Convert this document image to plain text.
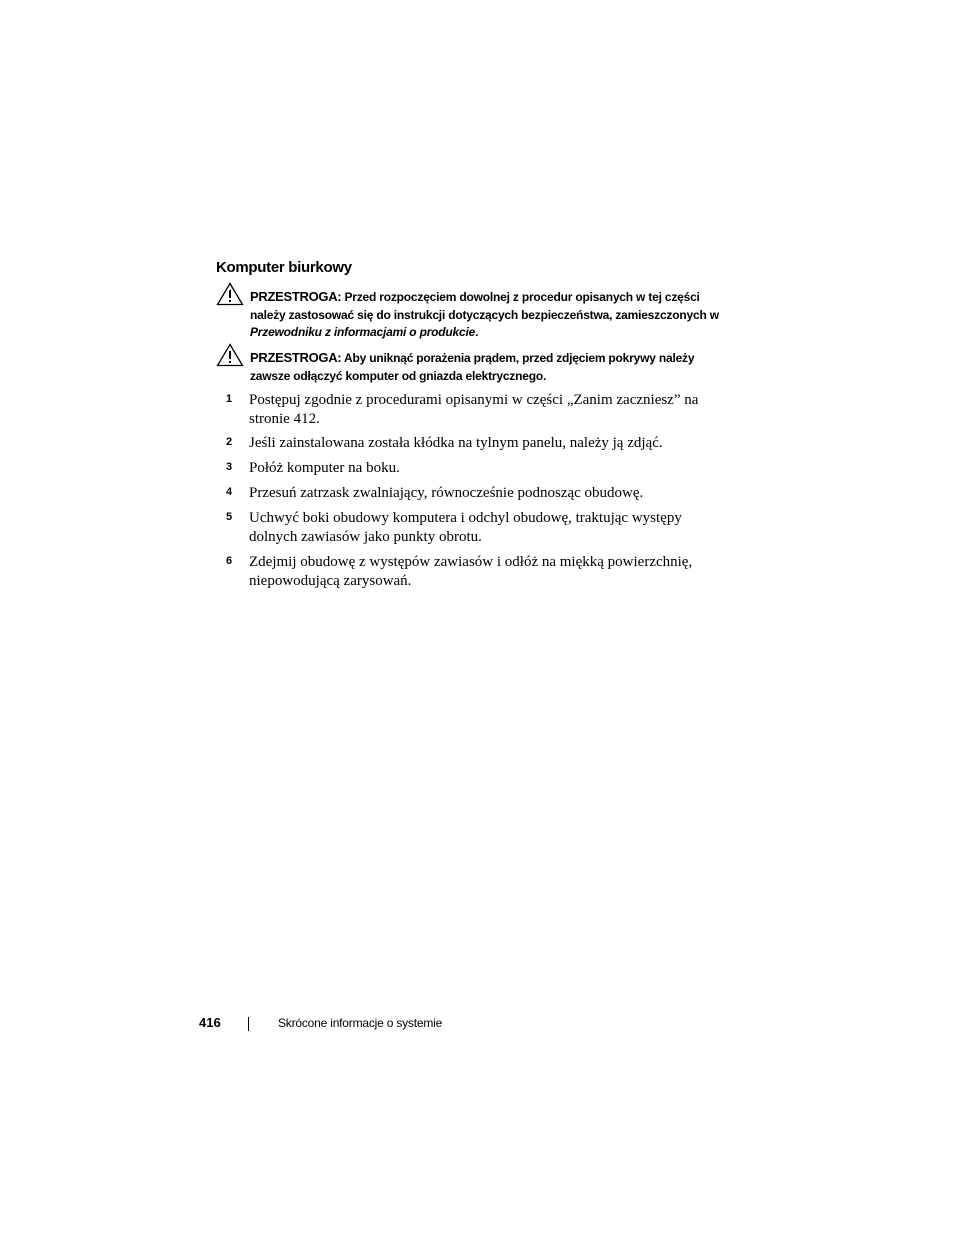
Komputer biurkowy

PRZESTROGA: Przed rozpoczęciem dowolnej z procedur opisanych w tej części należy zastosować się do instrukcji dotyczących bezpieczeństwa, zamieszczonych w Przewodniku z informacjami o produkcie.

PRZESTROGA: Aby uniknąć porażenia prądem, przed zdjęciem pokrywy należy zawsze odłączyć komputer od gniazda elektrycznego.

1 Postępuj zgodnie z procedurami opisanymi w części „Zanim zaczniesz” na stronie 412.
2 Jeśli zainstalowana została kłódka na tylnym panelu, należy ją zdjąć.
3 Połóż komputer na boku.
4 Przesuń zatrzask zwalniający, równocześnie podnosząc obudowę.
5 Uchwyć boki obudowy komputera i odchyl obudowę, traktując występy dolnych zawiasów jako punkty obrotu.
6 Zdejmij obudowę z występów zawiasów i odłóż na miękką powierzchnię, niepowodującą zarysowań.
416	Skrócone informacje o systemie
